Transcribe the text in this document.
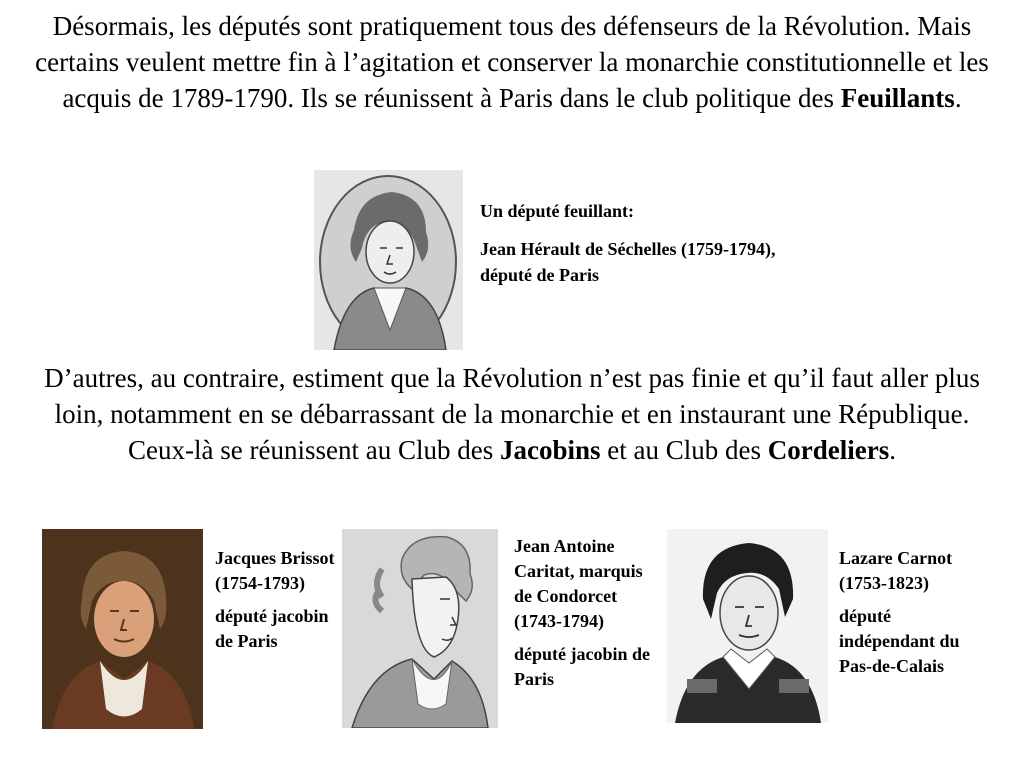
Désormais, les députés sont pratiquement tous des défenseurs de la Révolution. Mais certains veulent mettre fin à l’agitation et conserver la monarchie constitutionnelle et les acquis de 1789-1790. Ils se réunissent à Paris dans le club politique des Feuillants.

Un député feuillant:

Jean Hérault de Séchelles (1759-1794), député de Paris

D’autres, au contraire, estiment que la Révolution n’est pas finie et qu’il faut aller plus loin, notamment en se débarrassant de la monarchie et en instaurant une République. Ceux-là se réunissent au Club des Jacobins et au Club des Cordeliers.

Jacques Brissot (1754-1793)

député jacobin de Paris

Jean Antoine Caritat, marquis de Condorcet (1743-1794)

député jacobin de Paris

Lazare Carnot (1753-1823)

député indépendant du Pas-de-Calais
